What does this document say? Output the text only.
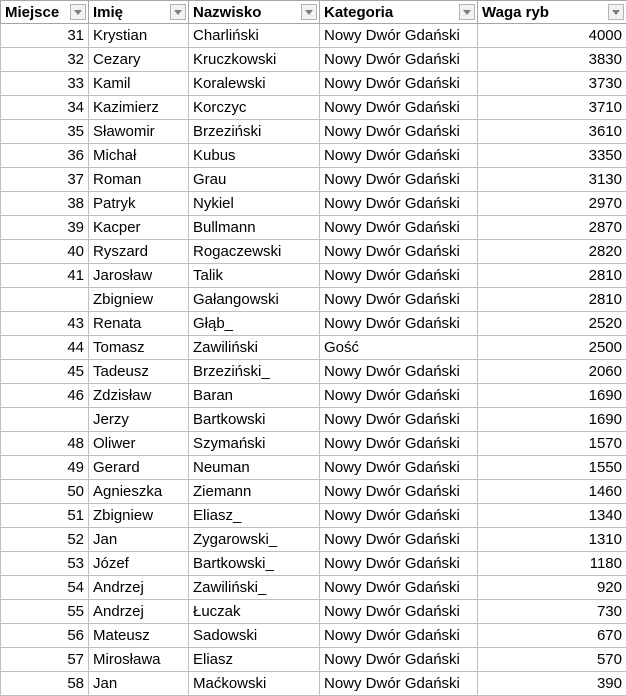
Miejsce	Imię	Nazwisko	Kategoria	Waga ryb

31	Krystian	Charliński	Nowy Dwór Gdański	4000
32	Cezary	Kruczkowski	Nowy Dwór Gdański	3830
33	Kamil	Koralewski	Nowy Dwór Gdański	3730
34	Kazimierz	Korczyc	Nowy Dwór Gdański	3710
35	Sławomir	Brzeziński	Nowy Dwór Gdański	3610
36	Michał	Kubus	Nowy Dwór Gdański	3350
37	Roman	Grau	Nowy Dwór Gdański	3130
38	Patryk	Nykiel	Nowy Dwór Gdański	2970
39	Kacper	Bullmann	Nowy Dwór Gdański	2870
40	Ryszard	Rogaczewski	Nowy Dwór Gdański	2820
41	Jarosław	Talik	Nowy Dwór Gdański	2810
	Zbigniew	Gałangowski	Nowy Dwór Gdański	2810
43	Renata	Głąb_	Nowy Dwór Gdański	2520
44	Tomasz	Zawiliński	Gość	2500
45	Tadeusz	Brzeziński_	Nowy Dwór Gdański	2060
46	Zdzisław	Baran	Nowy Dwór Gdański	1690
	Jerzy	Bartkowski	Nowy Dwór Gdański	1690
48	Oliwer	Szymański	Nowy Dwór Gdański	1570
49	Gerard	Neuman	Nowy Dwór Gdański	1550
50	Agnieszka	Ziemann	Nowy Dwór Gdański	1460
51	Zbigniew	Eliasz_	Nowy Dwór Gdański	1340
52	Jan	Zygarowski_	Nowy Dwór Gdański	1310
53	Józef	Bartkowski_	Nowy Dwór Gdański	1180
54	Andrzej	Zawiliński_	Nowy Dwór Gdański	920
55	Andrzej	Łuczak	Nowy Dwór Gdański	730
56	Mateusz	Sadowski	Nowy Dwór Gdański	670
57	Mirosława	Eliasz	Nowy Dwór Gdański	570
58	Jan	Maćkowski	Nowy Dwór Gdański	390
